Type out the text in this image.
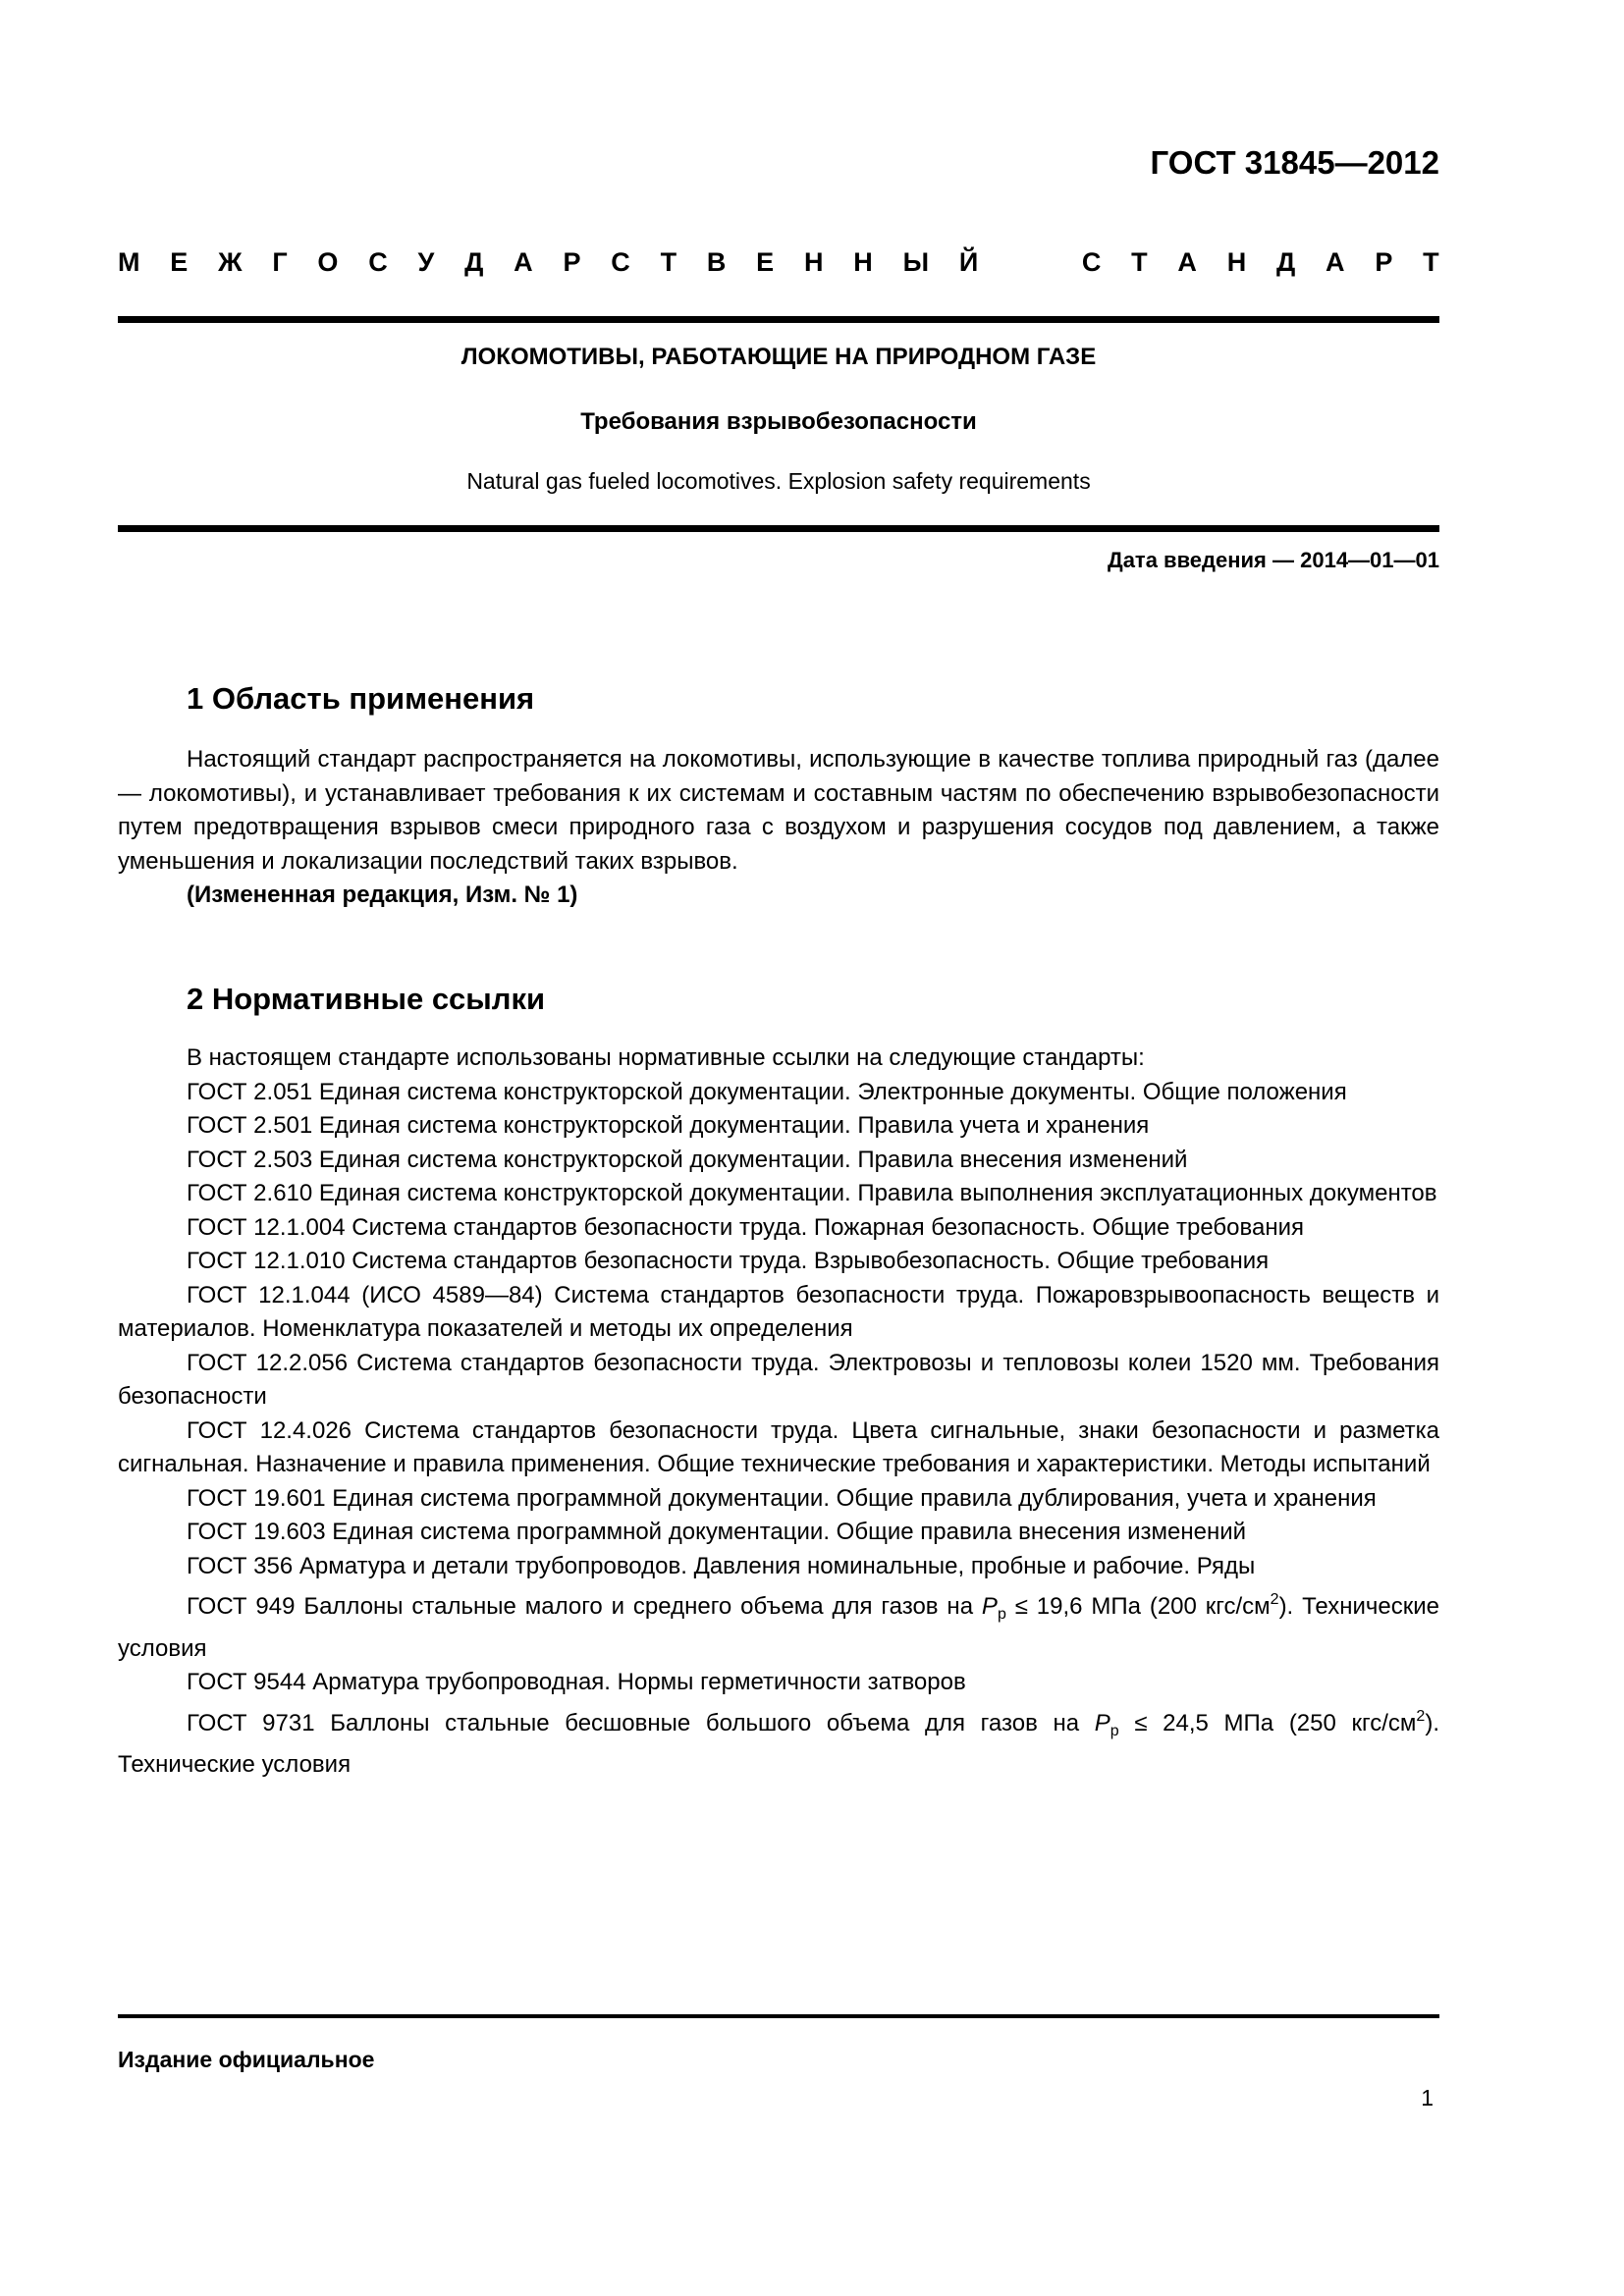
ГОСТ 31845—2012
М Е Ж Г О С У Д А Р С Т В Е Н Н Ы Й	С Т А Н Д А Р Т
ЛОКОМОТИВЫ, РАБОТАЮЩИЕ НА ПРИРОДНОМ ГАЗЕ
Требования взрывобезопасности
Natural gas fueled locomotives. Explosion safety requirements
Дата введения — 2014—01—01
1 Область применения

Настоящий стандарт распространяется на локомотивы, использующие в качестве топлива природный газ (далее — локомотивы), и устанавливает требования к их системам и составным частям по обеспечению взрывобезопасности путем предотвращения взрывов смеси природного газа с воздухом и разрушения сосудов под давлением, а также уменьшения и локализации последствий таких взрывов.

(Измененная редакция, Изм. № 1)

2 Нормативные ссылки

В настоящем стандарте использованы нормативные ссылки на следующие стандарты:

ГОСТ 2.051 Единая система конструкторской документации. Электронные документы. Общие положения

ГОСТ 2.501 Единая система конструкторской документации. Правила учета и хранения

ГОСТ 2.503 Единая система конструкторской документации. Правила внесения изменений

ГОСТ 2.610 Единая система конструкторской документации. Правила выполнения эксплуатационных документов

ГОСТ 12.1.004 Система стандартов безопасности труда. Пожарная безопасность. Общие требования

ГОСТ 12.1.010 Система стандартов безопасности труда. Взрывобезопасность. Общие требования

ГОСТ 12.1.044 (ИСО 4589—84) Система стандартов безопасности труда. Пожаровзрывоопасность веществ и материалов. Номенклатура показателей и методы их определения

ГОСТ 12.2.056 Система стандартов безопасности труда. Электровозы и тепловозы колеи 1520 мм. Требования безопасности

ГОСТ 12.4.026 Система стандартов безопасности труда. Цвета сигнальные, знаки безопасности и разметка сигнальная. Назначение и правила применения. Общие технические требования и характеристики. Методы испытаний

ГОСТ 19.601 Единая система программной документации. Общие правила дублирования, учета и хранения

ГОСТ 19.603 Единая система программной документации. Общие правила внесения изменений

ГОСТ 356 Арматура и детали трубопроводов. Давления номинальные, пробные и рабочие. Ряды

ГОСТ 949 Баллоны стальные малого и среднего объема для газов на $P_р \le 19,6$ МПа (200 кгс/$см^2$). Технические условия

ГОСТ 9544 Арматура трубопроводная. Нормы герметичности затворов

ГОСТ 9731 Баллоны стальные бесшовные большого объема для газов на $P_р \le 24,5$ МПа (250 кгс/$см^2$). Технические условия

Издание официальное
1
